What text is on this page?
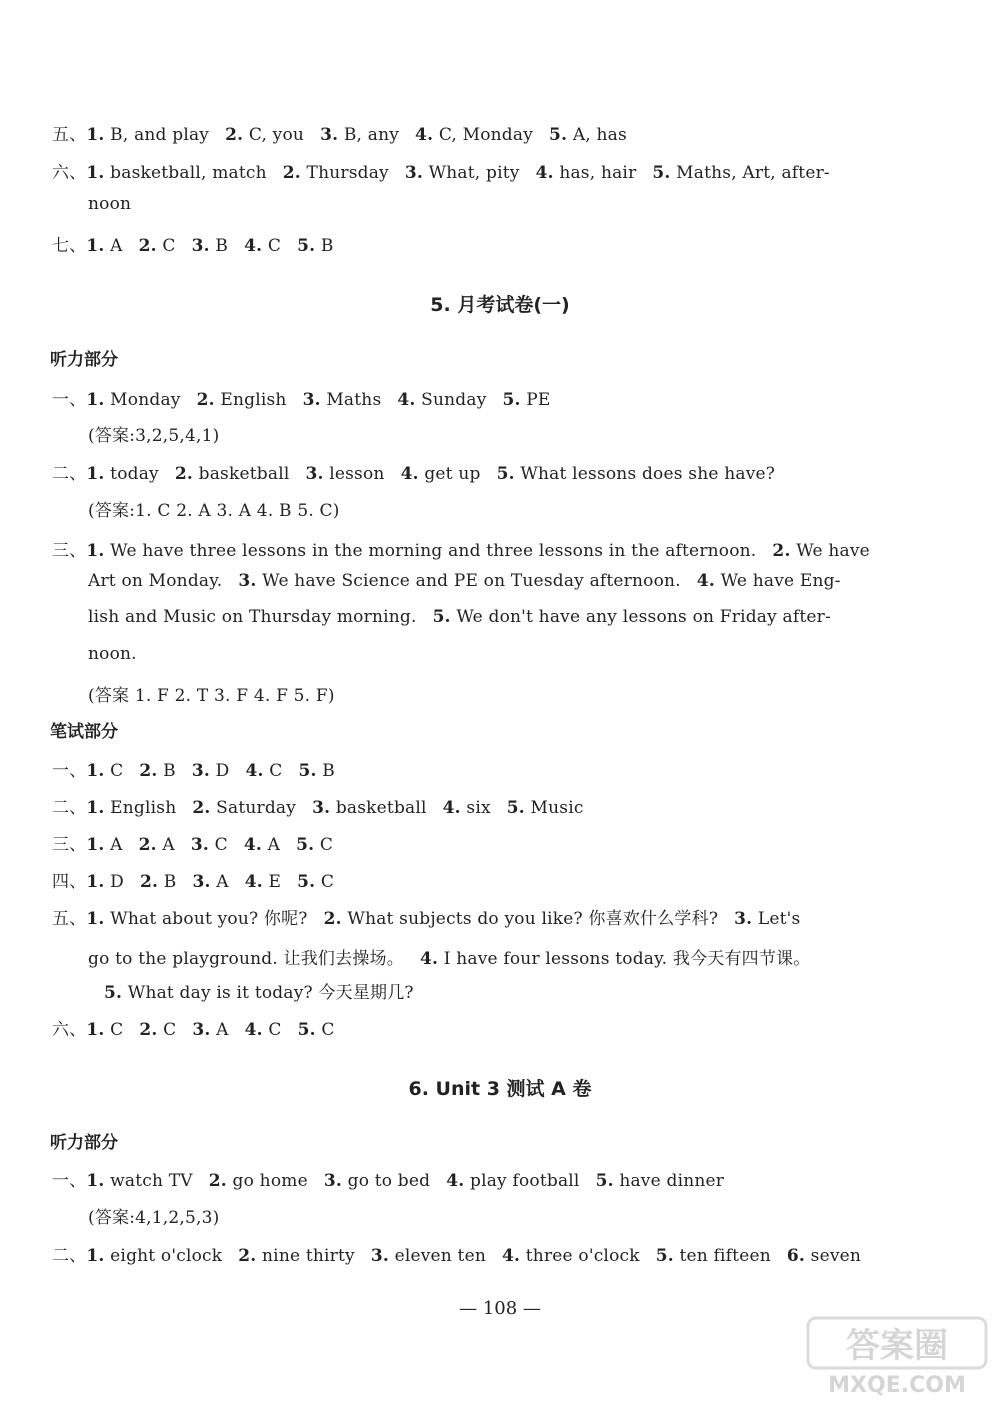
五、1. B, and play 2. C, you 3. B, any 4. C, Monday 5. A, has
六、1. basketball, match 2. Thursday 3. What, pity 4. has, hair 5. Maths, Art, after-
noon
七、1. A 2. C 3. B 4. C 5. B
5. 月考试卷(一)
听力部分
一、1. Monday 2. English 3. Maths 4. Sunday 5. PE
(答案:3,2,5,4,1)
二、1. today 2. basketball 3. lesson 4. get up 5. What lessons does she have?
(答案:1. C 2. A 3. A 4. B 5. C)
三、1. We have three lessons in the morning and three lessons in the afternoon. 2. We have
Art on Monday. 3. We have Science and PE on Tuesday afternoon. 4. We have Eng-
lish and Music on Thursday morning. 5. We don't have any lessons on Friday after-
noon.
(答案 1. F 2. T 3. F 4. F 5. F)
笔试部分
一、1. C 2. B 3. D 4. C 5. B
二、1. English 2. Saturday 3. basketball 4. six 5. Music
三、1. A 2. A 3. C 4. A 5. C
四、1. D 2. B 3. A 4. E 5. C
五、1. What about you? 你呢? 2. What subjects do you like? 你喜欢什么学科? 3. Let's
go to the playground. 让我们去操场。 4. I have four lessons today. 我今天有四节课。
5. What day is it today? 今天星期几?
六、1. C 2. C 3. A 4. C 5. C
6. Unit 3 测试 A 卷
听力部分
一、1. watch TV 2. go home 3. go to bed 4. play football 5. have dinner
(答案:4,1,2,5,3)
二、1. eight o'clock 2. nine thirty 3. eleven ten 4. three o'clock 5. ten fifteen 6. seven
— 108 —
答案圈
MXQE.COM
